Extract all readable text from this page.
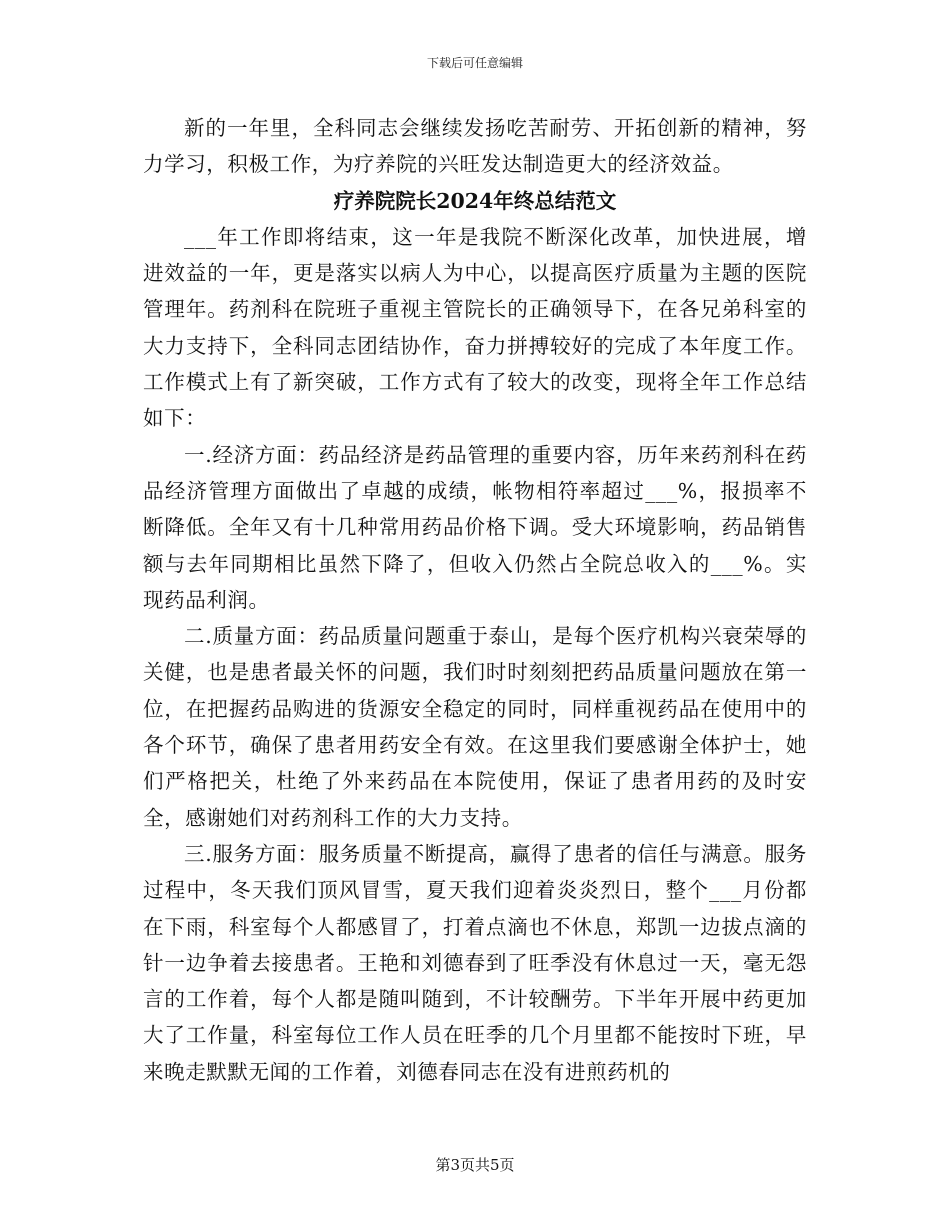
下载后可任意编辑

新的一年里，全科同志会继续发扬吃苦耐劳、开拓创新的精神，努力学习，积极工作，为疗养院的兴旺发达制造更大的经济效益。

疗养院院长2024年终总结范文

___年工作即将结束，这一年是我院不断深化改革，加快进展，增进效益的一年，更是落实以病人为中心，以提高医疗质量为主题的医院管理年。药剂科在院班子重视主管院长的正确领导下，在各兄弟科室的大力支持下，全科同志团结协作，奋力拼搏较好的完成了本年度工作。工作模式上有了新突破，工作方式有了较大的改变，现将全年工作总结如下：

一.经济方面：药品经济是药品管理的重要内容，历年来药剂科在药品经济管理方面做出了卓越的成绩，帐物相符率超过___%，报损率不断降低。全年又有十几种常用药品价格下调。受大环境影响，药品销售额与去年同期相比虽然下降了，但收入仍然占全院总收入的___%。实现药品利润。

二.质量方面：药品质量问题重于泰山，是每个医疗机构兴衰荣辱的关健，也是患者最关怀的问题，我们时时刻刻把药品质量问题放在第一位，在把握药品购进的货源安全稳定的同时，同样重视药品在使用中的各个环节，确保了患者用药安全有效。在这里我们要感谢全体护士，她们严格把关，杜绝了外来药品在本院使用，保证了患者用药的及时安全，感谢她们对药剂科工作的大力支持。

三.服务方面：服务质量不断提高，赢得了患者的信任与满意。服务过程中，冬天我们顶风冒雪，夏天我们迎着炎炎烈日，整个___月份都在下雨，科室每个人都感冒了，打着点滴也不休息，郑凯一边拔点滴的针一边争着去接患者。王艳和刘德春到了旺季没有休息过一天，毫无怨言的工作着，每个人都是随叫随到，不计较酬劳。下半年开展中药更加大了工作量，科室每位工作人员在旺季的几个月里都不能按时下班，早来晚走默默无闻的工作着，刘德春同志在没有进煎药机的

第3页共5页
